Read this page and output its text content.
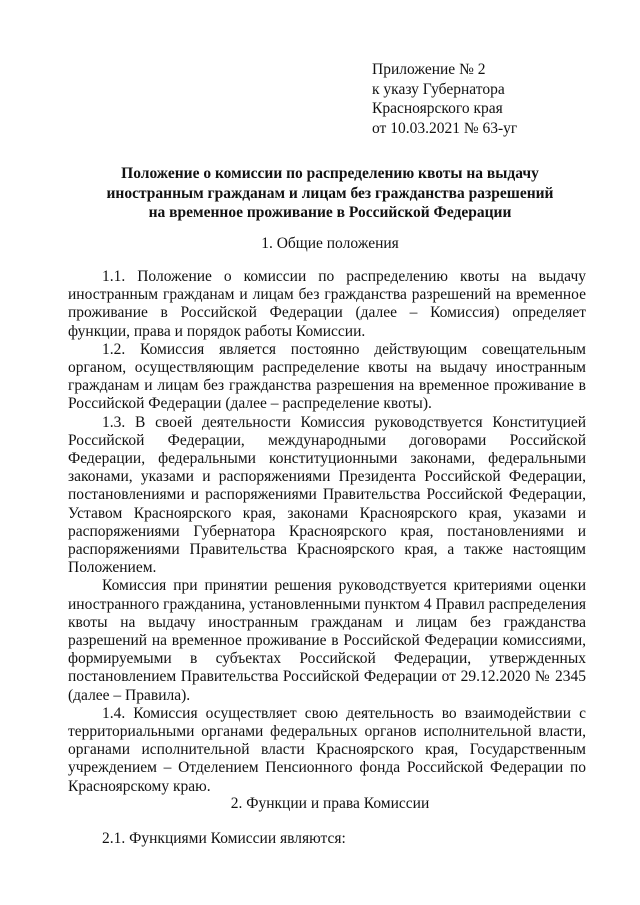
Приложение № 2
к указу Губернатора
Красноярского края
от 10.03.2021 № 63-уг
Положение о комиссии по распределению квоты на выдачу
иностранным гражданам и лицам без гражданства разрешений
на временное проживание в Российской Федерации
1. Общие положения

1.1. Положение о комиссии по распределению квоты на выдачу иностранным гражданам и лицам без гражданства разрешений на временное проживание в Российской Федерации (далее – Комиссия) определяет функции, права и порядок работы Комиссии.

1.2. Комиссия является постоянно действующим совещательным органом, осуществляющим распределение квоты на выдачу иностранным гражданам и лицам без гражданства разрешения на временное проживание в Российской Федерации (далее – распределение квоты).

1.3. В своей деятельности Комиссия руководствуется Конституцией Российской Федерации, международными договорами Российской Федерации, федеральными конституционными законами, федеральными законами, указами и распоряжениями Президента Российской Федерации, постановлениями и распоряжениями Правительства Российской Федерации, Уставом Красноярского края, законами Красноярского края, указами и распоряжениями Губернатора Красноярского края, постановлениями и распоряжениями Правительства Красноярского края, а также настоящим Положением.

Комиссия при принятии решения руководствуется критериями оценки иностранного гражданина, установленными пунктом 4 Правил распределения квоты на выдачу иностранным гражданам и лицам без гражданства разрешений на временное проживание в Российской Федерации комиссиями, формируемыми в субъектах Российской Федерации, утвержденных постановлением Правительства Российской Федерации от 29.12.2020 № 2345 (далее – Правила).

1.4. Комиссия осуществляет свою деятельность во взаимодействии с территориальными органами федеральных органов исполнительной власти, органами исполнительной власти Красноярского края, Государственным учреждением – Отделением Пенсионного фонда Российской Федерации по Красноярскому краю.

2. Функции и права Комиссии

2.1. Функциями Комиссии являются:
